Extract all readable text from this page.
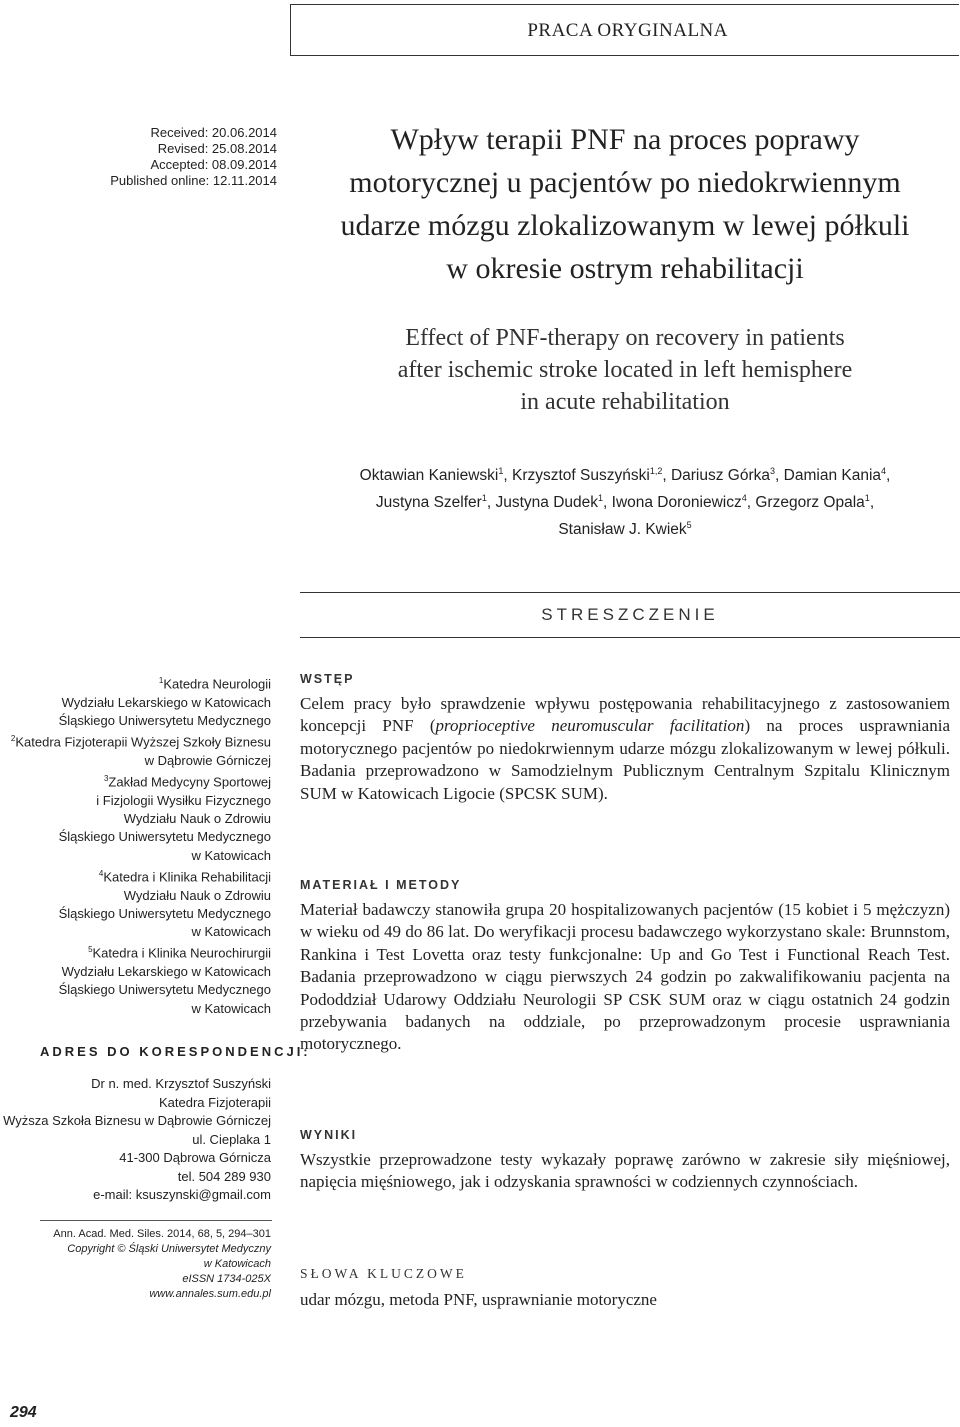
PRACA ORYGINALNA
Received: 20.06.2014
Revised: 25.08.2014
Accepted: 08.09.2014
Published online: 12.11.2014
Wpływ terapii PNF na proces poprawy
motorycznej u pacjentów po niedokrwiennym
udarze mózgu zlokalizowanym w lewej półkuli
w okresie ostrym rehabilitacji
Effect of PNF-therapy on recovery in patients
after ischemic stroke located in left hemisphere
in acute rehabilitation
Oktawian Kaniewski$^1$, Krzysztof Suszyński$^{1,2}$, Dariusz Górka$^3$, Damian Kania$^4$,
Justyna Szelfer$^1$, Justyna Dudek$^1$, Iwona Doroniewicz$^4$, Grzegorz Opala$^1$,
Stanisław J. Kwiek$^5$
STRESZCZENIE
$^1$Katedra Neurologii
Wydziału Lekarskiego w Katowicach
Śląskiego Uniwersytetu Medycznego
$^2$Katedra Fizjoterapii Wyższej Szkoły Biznesu
w Dąbrowie Górniczej
$^3$Zakład Medycyny Sportowej
i Fizjologii Wysiłku Fizycznego
Wydziału Nauk o Zdrowiu
Śląskiego Uniwersytetu Medycznego
w Katowicach
$^4$Katedra i Klinika Rehabilitacji
Wydziału Nauk o Zdrowiu
Śląskiego Uniwersytetu Medycznego
w Katowicach
$^5$Katedra i Klinika Neurochirurgii
Wydziału Lekarskiego w Katowicach
Śląskiego Uniwersytetu Medycznego
w Katowicach
ADRES DO KORESPONDENCJI:
Dr n. med. Krzysztof Suszyński
Katedra Fizjoterapii
Wyższa Szkoła Biznesu w Dąbrowie Górniczej
ul. Cieplaka 1
41-300 Dąbrowa Górnicza
tel. 504 289 930
e-mail: ksuszynski@gmail.com
Ann. Acad. Med. Siles. 2014, 68, 5, 294–301
Copyright © Śląski Uniwersytet Medyczny
w Katowicach
eISSN 1734-025X
www.annales.sum.edu.pl
WSTĘP
Celem pracy było sprawdzenie wpływu postępowania rehabilitacyjnego z zastosowaniem koncepcji PNF (proprioceptive neuromuscular facilitation) na proces usprawniania motorycznego pacjentów po niedokrwiennym udarze mózgu zlokalizowanym w lewej półkuli. Badania przeprowadzono w Samodzielnym Publicznym Centralnym Szpitalu Klinicznym SUM w Katowicach Ligocie (SPCSK SUM).
MATERIAŁ I METODY
Materiał badawczy stanowiła grupa 20 hospitalizowanych pacjentów (15 kobiet i 5 mężczyzn) w wieku od 49 do 86 lat. Do weryfikacji procesu badawczego wykorzystano skale: Brunnstom, Rankina i Test Lovetta oraz testy funkcjonalne: Up and Go Test i Functional Reach Test. Badania przeprowadzono w ciągu pierwszych 24 godzin po zakwalifikowaniu pacjenta na Pododdział Udarowy Oddziału Neurologii SP CSK SUM oraz w ciągu ostatnich 24 godzin przebywania badanych na oddziale, po przeprowadzonym procesie usprawniania motorycznego.
WYNIKI
Wszystkie przeprowadzone testy wykazały poprawę zarówno w zakresie siły mięśniowej, napięcia mięśniowego, jak i odzyskania sprawności w codziennych czynnościach.
SŁOWA KLUCZOWE
udar mózgu, metoda PNF, usprawnianie motoryczne
294
